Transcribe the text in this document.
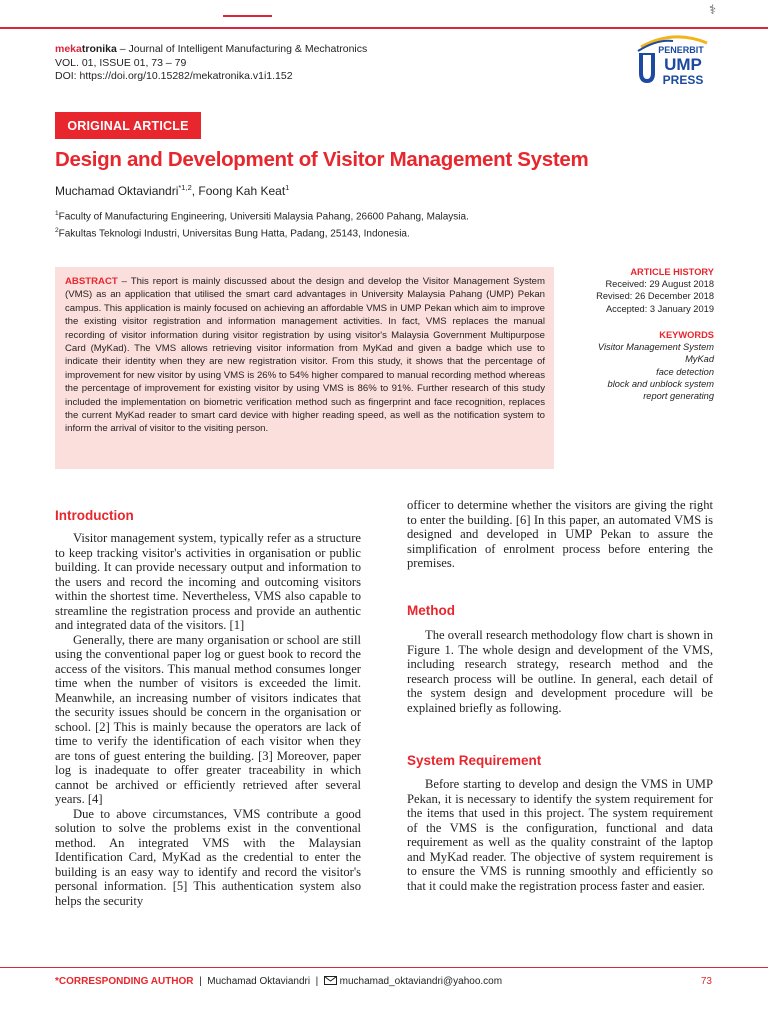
⚕
mekatronika – Journal of Intelligent Manufacturing & Mechatronics
VOL. 01, ISSUE 01, 73 – 79
DOI: https://doi.org/10.15282/mekatronika.v1i1.152
PENERBIT
UMP
PRESS
ORIGINAL ARTICLE
Design and Development of Visitor Management System
Muchamad Oktaviandri$^{*1,2}$, Foong Kah Keat$^1$
$^1$Faculty of Manufacturing Engineering, Universiti Malaysia Pahang, 26600 Pahang, Malaysia.
$^2$Fakultas Teknologi Industri, Universitas Bung Hatta, Padang, 25143, Indonesia.
ABSTRACT – This report is mainly discussed about the design and develop the Visitor Management System (VMS) as an application that utilised the smart card advantages in University Malaysia Pahang (UMP) Pekan campus. This application is mainly focused on achieving an affordable VMS in UMP Pekan which aim to improve the existing visitor registration and information management activities. In fact, VMS replaces the manual recording of visitor information during visitor registration by using visitor's Malaysia Government Multipurpose Card (MyKad). The VMS allows retrieving visitor information from MyKad and given a badge which use to indicate their identity when they are new registration visitor. From this study, it shows that the percentage of improvement for new visitor by using VMS is 26% to 54% higher compared to manual recording method whereas the percentage of improvement for existing visitor by using VMS is 86% to 91%. Further research of this study included the implementation on biometric verification method such as fingerprint and face recognition, replaces the current MyKad reader to smart card device with higher reading speed, as well as the notification system to inform the arrival of visitor to the visiting person.
ARTICLE HISTORY
Received: 29 August 2018
Revised: 26 December 2018
Accepted: 3 January 2019
KEYWORDS
Visitor Management System
MyKad
face detection
block and unblock system
report generating
Introduction

Visitor management system, typically refer as a structure to keep tracking visitor's activities in organisation or public building. It can provide necessary output and information to the users and record the incoming and outcoming visitors within the shortest time. Nevertheless, VMS also capable to streamline the registration process and provide an authentic and integrated data of the visitors. [1]

Generally, there are many organisation or school are still using the conventional paper log or guest book to record the access of the visitors. This manual method consumes longer time when the number of visitors is exceeded the limit. Meanwhile, an increasing number of visitors indicates that the security issues should be concern in the organisation or school. [2] This is mainly because the operators are lack of time to verify the identification of each visitor when they are tons of guest entering the building. [3] Moreover, paper log is inadequate to offer greater traceability in which cannot be archived or efficiently retrieved after several years. [4]

Due to above circumstances, VMS contribute a good solution to solve the problems exist in the conventional method. An integrated VMS with the Malaysian Identification Card, MyKad as the credential to enter the building is an easy way to identify and record the visitor's personal information. [5] This authentication system also helps the security

officer to determine whether the visitors are giving the right to enter the building. [6] In this paper, an automated VMS is designed and developed in UMP Pekan to assure the simplification of enrolment process before entering the premises.

Method

The overall research methodology flow chart is shown in Figure 1. The whole design and development of the VMS, including research strategy, research method and the research process will be outline. In general, each detail of the system design and development procedure will be explained briefly as following.

System Requirement

Before starting to develop and design the VMS in UMP Pekan, it is necessary to identify the system requirement for the items that used in this project. The system requirement of the VMS is the configuration, functional and data requirement as well as the quality constraint of the laptop and MyKad reader. The objective of system requirement is to ensure the VMS is running smoothly and efficiently so that it could make the registration process faster and easier.

*CORRESPONDING AUTHOR | Muchamad Oktaviandri | muchamad_oktaviandri@yahoo.com	73
